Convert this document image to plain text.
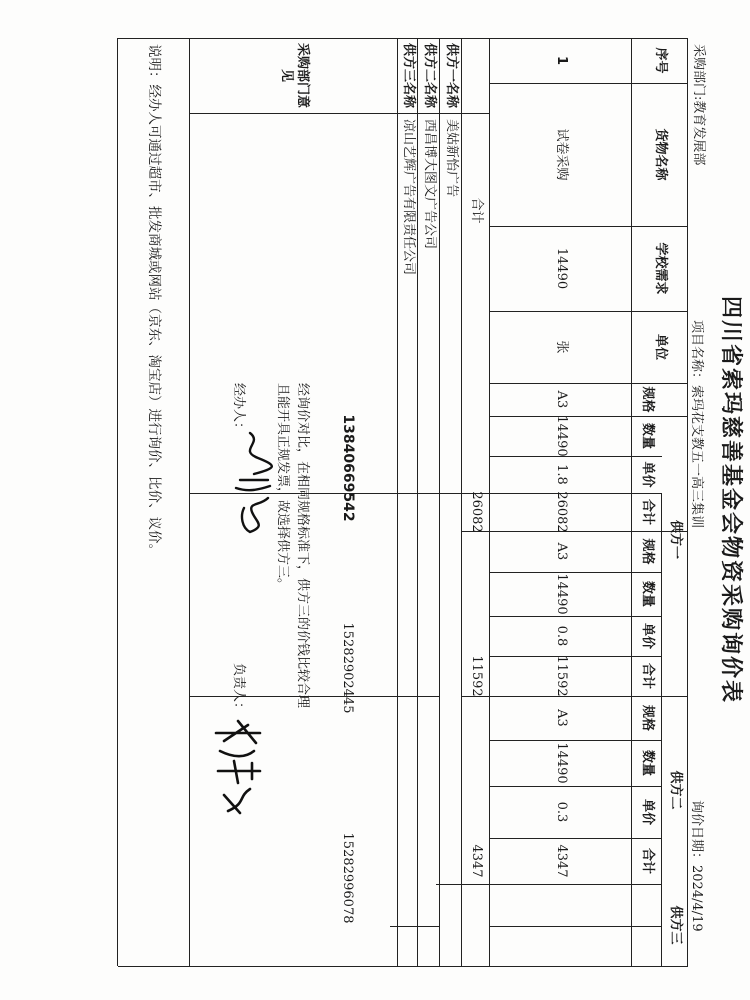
四川省索玛慈善基金会物资采购询价表
采购部门:教育发展部
项目名称：索玛花支教五一高三集训
询价日期：2024/4/19
序号
货物名称
学校需求
单位
供方一
供方二
供方三
规格
数量
单价
合计
规格
数量
单价
合计
规格
数量
单价
合计
1
试卷采购
14490
张
A3
14490
1.8
26082
A3
14490
0.8
11592
A3
14490
0.3
4347
合计
26082
11592
4347
供方一名称
美姑新怡广告
供方二名称
西昌博大图文广告公司
供方三名称
凉山艺辉广告有限责任公司
13840669542
15282902445
15282996078
采购部门意见
经询价对比，在相同规格标准下，供方三的价钱比较合理且能开具正规发票，故选择供方三。
经办人：
负责人：
说明：经办人可通过超市、批发商城或网站（京东、淘宝店）进行询价、比价、议价。
